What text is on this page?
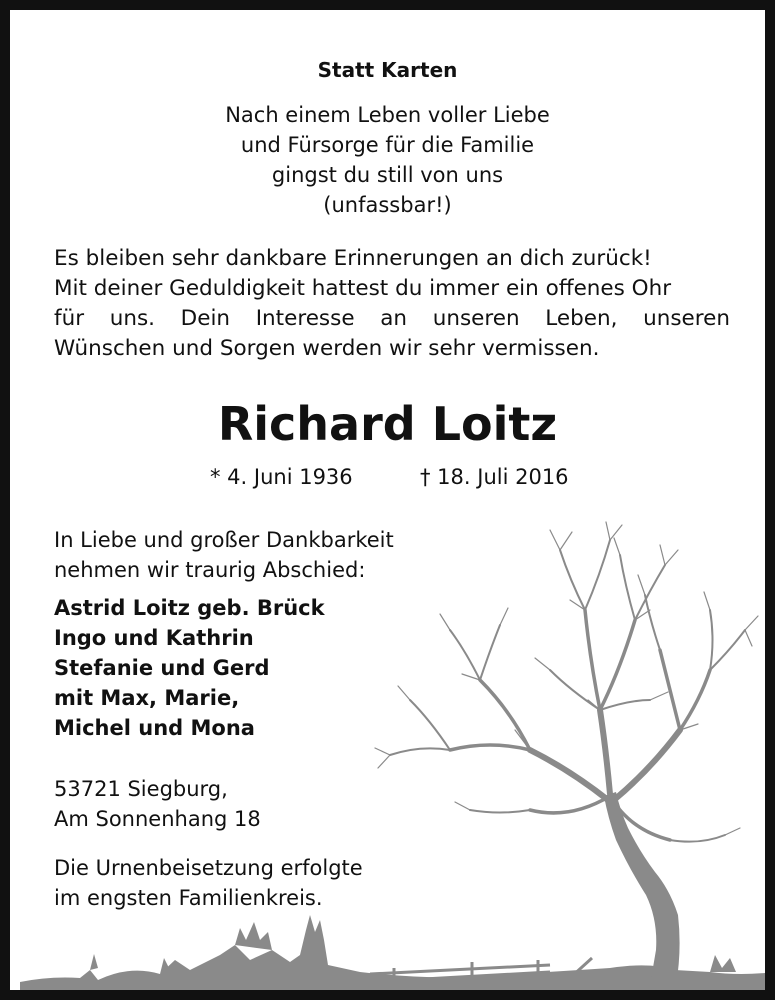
Statt Karten
Nach einem Leben voller Liebe
und Fürsorge für die Familie
gingst du still von uns
(unfassbar!)
Es bleiben sehr dankbare Erinnerungen an dich zurück!
Mit deiner Geduldigkeit hattest du immer ein offenes Ohr
für uns. Dein Interesse an unseren Leben, unseren
Wünschen und Sorgen werden wir sehr vermissen.
Richard Loitz
* 4. Juni 1936	† 18. Juli 2016
In Liebe und großer Dankbarkeit
nehmen wir traurig Abschied:
Astrid Loitz geb. Brück
Ingo und Kathrin
Stefanie und Gerd
mit Max, Marie,
Michel und Mona
53721 Siegburg,
Am Sonnenhang 18
Die Urnenbeisetzung erfolgte
im engsten Familienkreis.
